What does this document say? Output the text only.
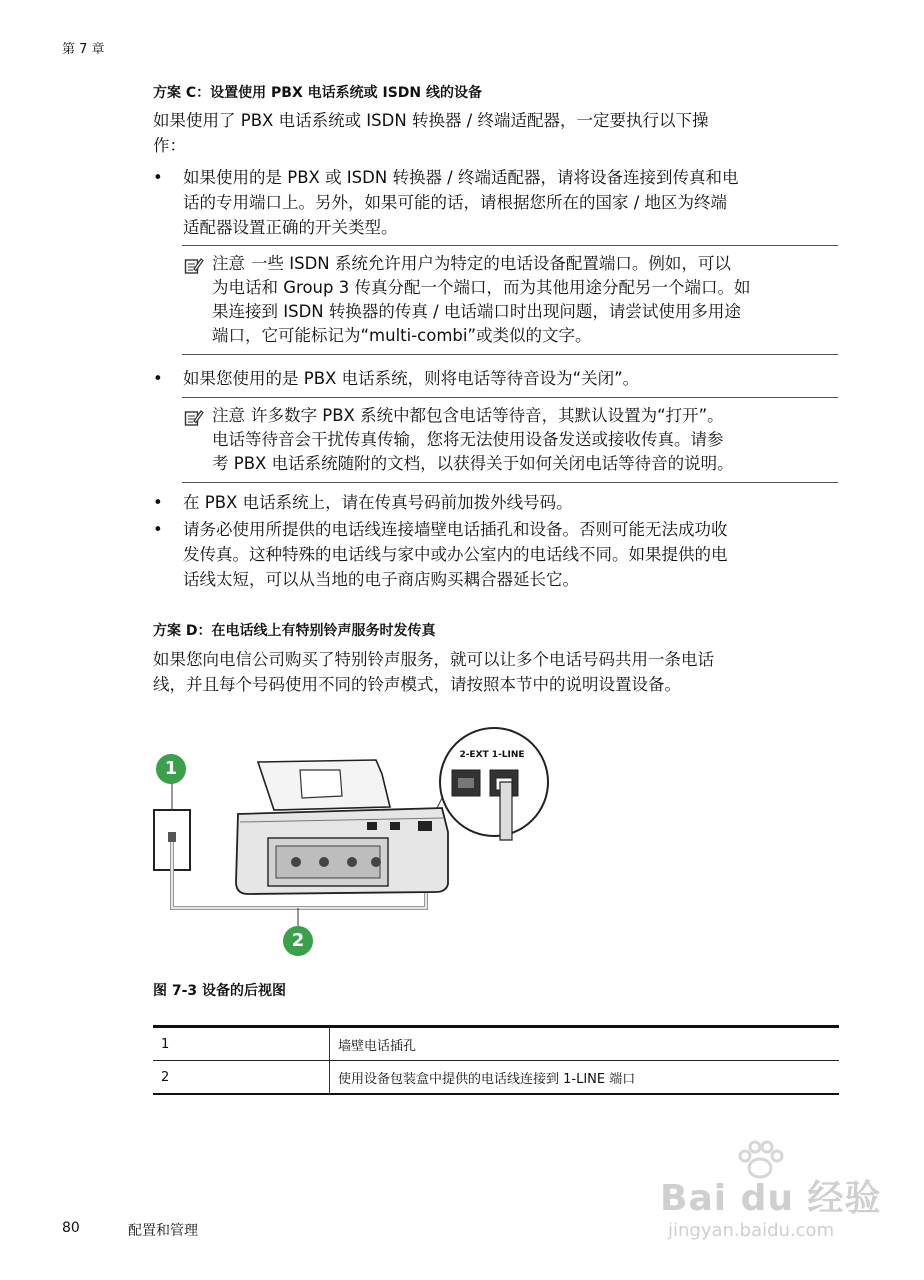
第 7 章
方案 C：设置使用 PBX 电话系统或 ISDN 线的设备
如果使用了 PBX 电话系统或 ISDN 转换器 / 终端适配器，一定要执行以下操
作：
• 如果使用的是 PBX 或 ISDN 转换器 / 终端适配器，请将设备连接到传真和电
话的专用端口上。另外，如果可能的话，请根据您所在的国家 / 地区为终端
适配器设置正确的开关类型。
注意 一些 ISDN 系统允许用户为特定的电话设备配置端口。例如，可以
为电话和 Group 3 传真分配一个端口，而为其他用途分配另一个端口。如
果连接到 ISDN 转换器的传真 / 电话端口时出现问题，请尝试使用多用途
端口，它可能标记为“multi-combi”或类似的文字。
• 如果您使用的是 PBX 电话系统，则将电话等待音设为“关闭”。
注意 许多数字 PBX 系统中都包含电话等待音，其默认设置为“打开”。
电话等待音会干扰传真传输，您将无法使用设备发送或接收传真。请参
考 PBX 电话系统随附的文档，以获得关于如何关闭电话等待音的说明。
• 在 PBX 电话系统上，请在传真号码前加拨外线号码。
• 请务必使用所提供的电话线连接墙壁电话插孔和设备。否则可能无法成功收
发传真。这种特殊的电话线与家中或办公室内的电话线不同。如果提供的电
话线太短，可以从当地的电子商店购买耦合器延长它。
方案 D：在电话线上有特别铃声服务时发传真
如果您向电信公司购买了特别铃声服务，就可以让多个电话号码共用一条电话
线，并且每个号码使用不同的铃声模式，请按照本节中的说明设置设备。
2-EXT 1-LINE
1
2
图 7-3 设备的后视图
1	墙壁电话插孔
2	使用设备包装盒中提供的电话线连接到 1-LINE 端口
80	配置和管理
Bai du 经验
jingyan.baidu.com
